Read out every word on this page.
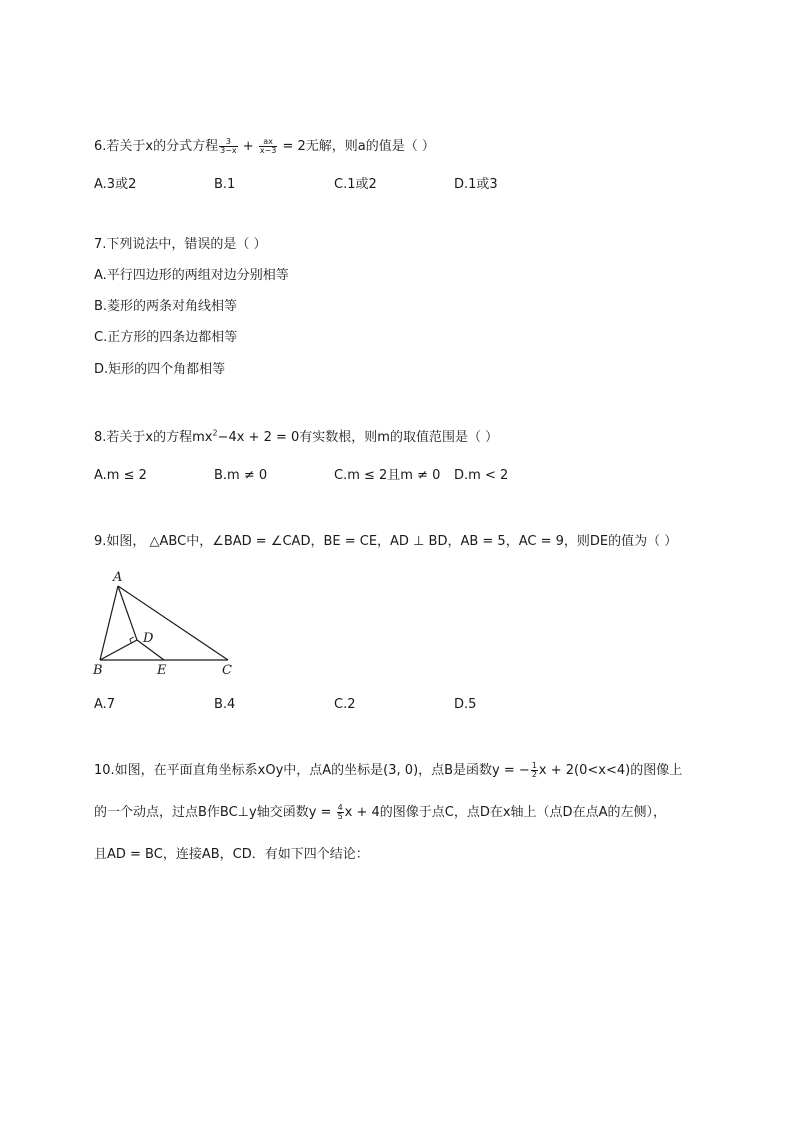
6.若关于x的分式方程 $\frac{3}{3-x} + \frac{ax}{x-3} = 2$无解，则a的值是（ ）
A.3或2	B.1	C.1或2	D.1或3
7.下列说法中，错误的是（ ）
A.平行四边形的两组对边分别相等
B.菱形的两条对角线相等
C.正方形的四条边都相等
D.矩形的四个角都相等
8.若关于x的方程$mx^2-4x + 2 = 0$有实数根，则m的取值范围是（ ）
A.m ≤ 2	B.m ≠ 0	C.m ≤ 2且m ≠ 0 D.m < 2
9.如图， △ABC中，∠BAD = ∠CAD，BE = CE，AD ⊥ BD，AB = 5，AC = 9，则DE的值为（ ）
A
B	C
D
E
A.7	B.4	C.2	D.5
10.如图，在平面直角坐标系xOy中，点A的坐标是(3, 0)，点B是函数y = − $\frac{1}{2}$ x + 2(0<x<4)的图像上
的一个动点，过点B作BC⊥y轴交函数$y = \frac{4}{5}$ x + 4的图像于点C，点D在x轴上（点D在点A的左侧），
且AD = BC，连接AB，CD．有如下四个结论：
